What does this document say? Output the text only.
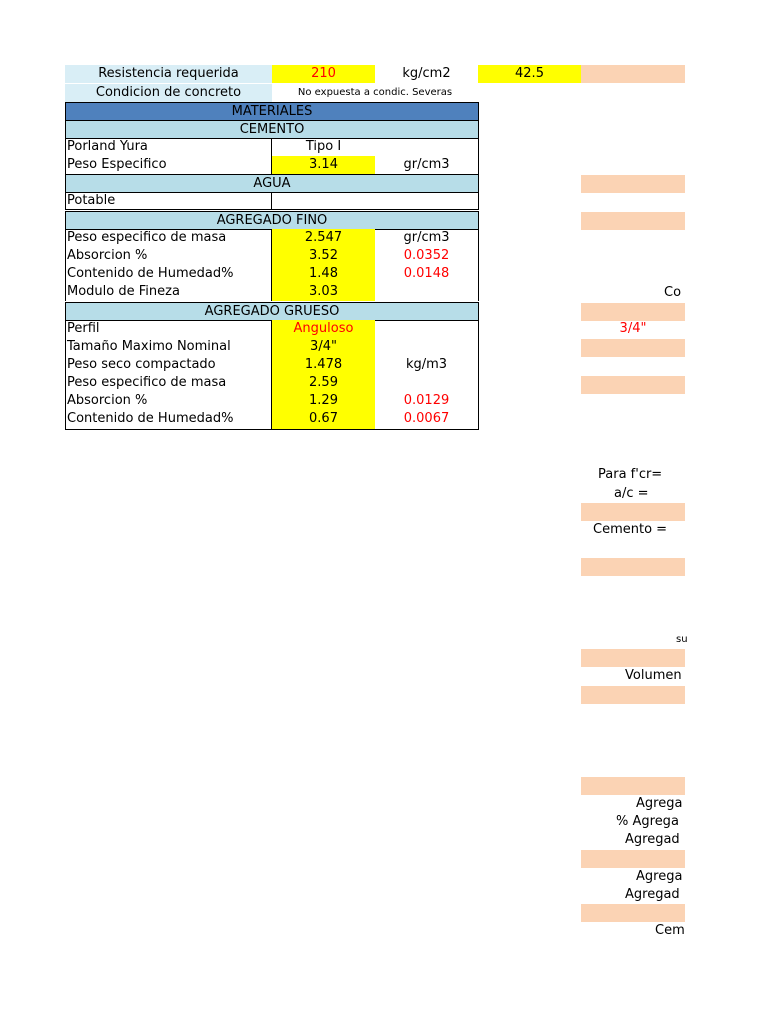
Resistencia requerida	210	kg/cm2	42.5
Condicion de concreto	No expuesta a condic. Severas
MATERIALES
CEMENTO
Porland Yura	Tipo I
Peso Especifico	3.14	gr/cm3
AGUA
Potable
AGREGADO FINO
Peso especifico de masa	2.547	gr/cm3
Absorcion %	3.52	0.0352
Contenido de Humedad%	1.48	0.0148
Modulo de Fineza	3.03
AGREGADO GRUESO
Perfil	Anguloso
Tamaño Maximo Nominal	3/4"
Peso seco compactado	1.478	kg/m3
Peso especifico de masa	2.59
Absorcion %	1.29	0.0129
Contenido de Humedad%	0.67	0.0067
Co
3/4"
Para f'cr=
a/c =
Cemento =
su
Volumen
Agrega
% Agrega
Agregad
Agrega
Agregad
Cem
